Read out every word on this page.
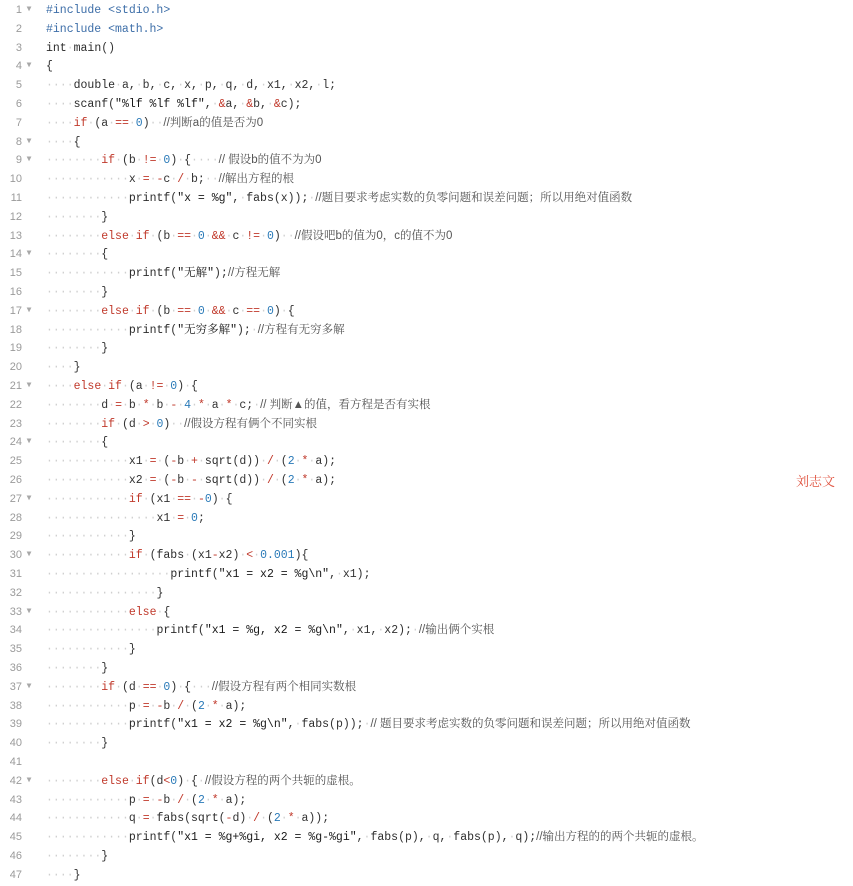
1 ▼ #include <stdio.h>
2 #include <math.h>
3 int·main()
4 ▼ {
5 ····double·a,·b,·c,·x,·p,·q,·d,·x1,·x2,·l;
6 ····scanf("%lf %lf %lf",·&a,·&b,·&c);
7 ····if·(a·==·0)··//判断a的值是否为0
8 ▼ ····{
9 ▼ ········if·(b·!=·0)·{····// 假设b的值不为为0
10 ············x·=·-c·/·b;··//解出方程的根
11 ············printf("x = %g",·fabs(x));·//题目要求考虑实数的负零问题和误差问题；所以用绝对值函数
12 ········}
13 ········else·if·(b·==·0·&&·c·!=·0)··//假设吧b的值为0，c的值不为0
14 ▼ ········{
15 ············printf("无解");//方程无解
16 ········}
17 ▼ ········else·if·(b·==·0·&&·c·==·0)·{
18 ············printf("无穷多解");·//方程有无穷多解
19 ········}
20 ····}
21 ▼ ····else·if·(a·!=·0)·{
22 ········d·=·b·*·b·-·4·*·a·*·c;·// 判断▲的值，看方程是否有实根
23 ········if·(d·>·0)··//假设方程有俩个不同实根
24 ▼ ········{
25 ············x1·=·(-b·+·sqrt(d))·/·(2·*·a);
26 ············x2·=·(-b·-·sqrt(d))·/·(2·*·a);
27 ▼ ············if·(x1·==·-0)·{
28 ················x1·=·0;
29 ············}
30 ▼ ············if·(fabs·(x1-x2)·<·0.001){
31 ··················printf("x1 = x2 = %g\n",·x1);
32 ················}
33 ▼ ············else·{
34 ················printf("x1 = %g, x2 = %g\n",·x1,·x2);·//输出俩个实根
35 ············}
36 ········}
37 ▼ ········if·(d·==·0)·{···//假设方程有两个相同实数根
38 ············p·=·-b·/·(2·*·a);
39 ············printf("x1 = x2 = %g\n",·fabs(p));·// 题目要求考虑实数的负零问题和误差问题；所以用绝对值函数
40 ········}
41
42 ▼ ········else·if(d<0)·{·//假设方程的两个共轭的虚根。
43 ············p·=·-b·/·(2·*·a);
44 ············q·=·fabs(sqrt(-d)·/·(2·*·a));
45 ············printf("x1 = %g+%gi, x2 = %g-%gi",·fabs(p),·q,·fabs(p),·q);//输出方程的的两个共轭的虚根。
46 ········}
47 ····}
刘志文
